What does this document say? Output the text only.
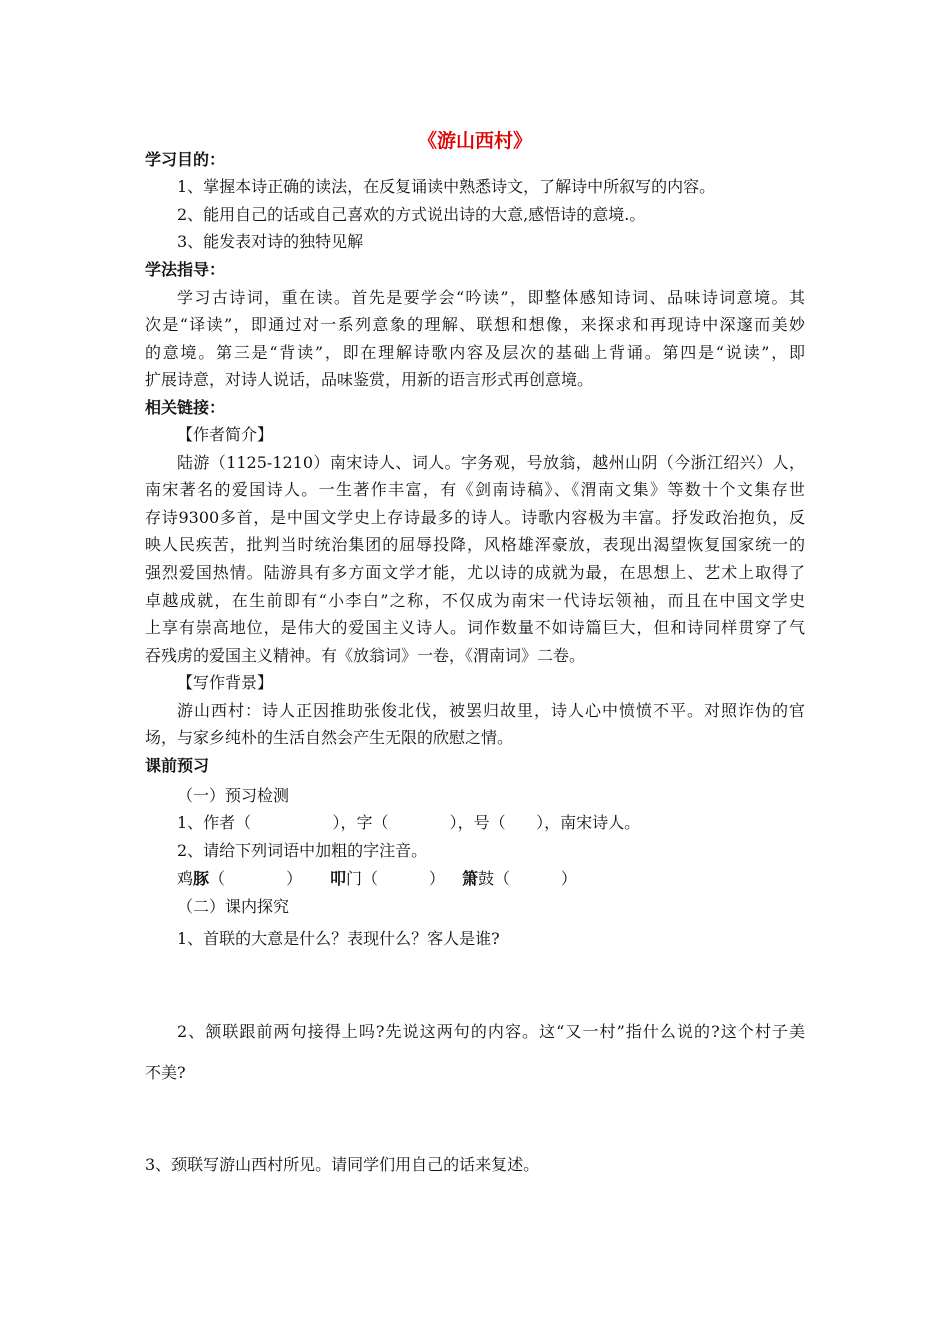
《游山西村》
学习目的：
1、掌握本诗正确的读法，在反复诵读中熟悉诗文，了解诗中所叙写的内容。
2、能用自己的话或自己喜欢的方式说出诗的大意,感悟诗的意境.。
3、能发表对诗的独特见解
学法指导：
学习古诗词，重在读。首先是要学会“吟读”，即整体感知诗词、品味诗词意境。其
次是“译读”，即通过对一系列意象的理解、联想和想像，来探求和再现诗中深邃而美妙
的意境。第三是“背读”，即在理解诗歌内容及层次的基础上背诵。第四是“说读”，即
扩展诗意，对诗人说话，品味鉴赏，用新的语言形式再创意境。
相关链接：
【作者简介】
陆游（1125-1210）南宋诗人、词人。字务观，号放翁，越州山阴（今浙江绍兴）人，
南宋著名的爱国诗人。一生著作丰富，有《剑南诗稿》、《渭南文集》等数十个文集存世
存诗9300多首，是中国文学史上存诗最多的诗人。诗歌内容极为丰富。抒发政治抱负，反
映人民疾苦，批判当时统治集团的屈辱投降，风格雄浑豪放，表现出渴望恢复国家统一的
强烈爱国热情。陆游具有多方面文学才能，尤以诗的成就为最，在思想上、艺术上取得了
卓越成就，在生前即有“小李白”之称，不仅成为南宋一代诗坛领袖，而且在中国文学史
上享有崇高地位，是伟大的爱国主义诗人。词作数量不如诗篇巨大，但和诗同样贯穿了气
吞残虏的爱国主义精神。有《放翁词》一卷，《渭南词》二卷。
【写作背景】
游山西村：诗人正因推助张俊北伐，被罢归故里，诗人心中愤愤不平。对照诈伪的官
场，与家乡纯朴的生活自然会产生无限的欣慰之情。
课前预习
（一）预习检测
1、作者（                ），字（            ），号（      ），南宋诗人。
2、请给下列词语中加粗的字注音。
鸡豚（            ） 叩门（          ） 箫鼓（          ）
（二）课内探究
1、首联的大意是什么？表现什么？客人是谁?
2、颔联跟前两句接得上吗?先说这两句的内容。这“又一村”指什么说的?这个村子美
不美?
3、颈联写游山西村所见。请同学们用自己的话来复述。
